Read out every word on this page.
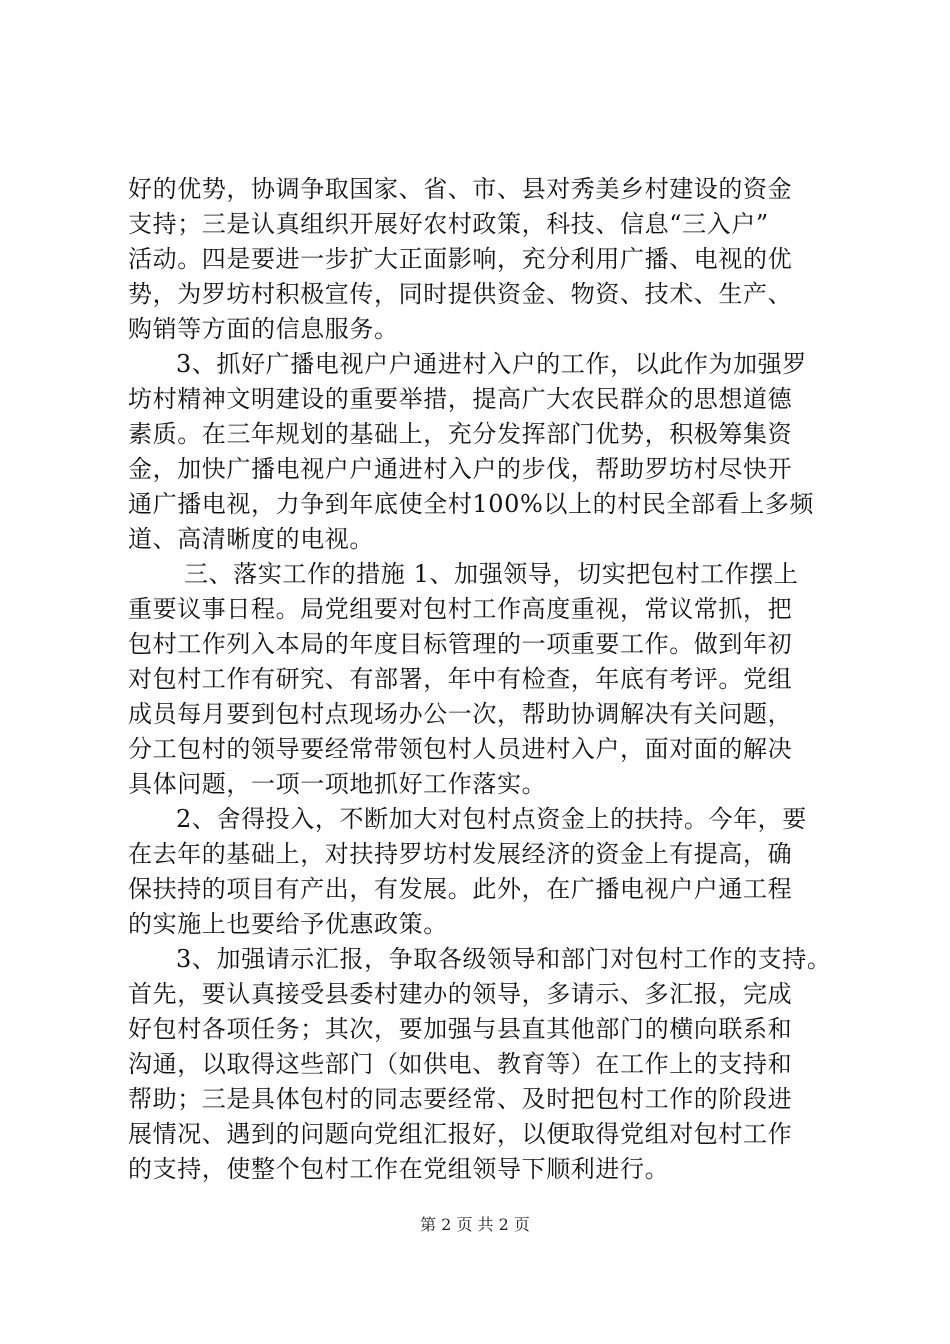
好的优势，协调争取国家、省、市、县对秀美乡村建设的资金
支持；三是认真组织开展好农村政策，科技、信息“三入户”
活动。四是要进一步扩大正面影响，充分利用广播、电视的优
势，为罗坊村积极宣传，同时提供资金、物资、技术、生产、
购销等方面的信息服务。
3、抓好广播电视户户通进村入户的工作，以此作为加强罗
坊村精神文明建设的重要举措，提高广大农民群众的思想道德
素质。在三年规划的基础上，充分发挥部门优势，积极筹集资
金，加快广播电视户户通进村入户的步伐，帮助罗坊村尽快开
通广播电视，力争到年底使全村100%以上的村民全部看上多频
道、高清晰度的电视。
三、落实工作的措施 1、加强领导，切实把包村工作摆上
重要议事日程。局党组要对包村工作高度重视，常议常抓，把
包村工作列入本局的年度目标管理的一项重要工作。做到年初
对包村工作有研究、有部署，年中有检查，年底有考评。党组
成员每月要到包村点现场办公一次，帮助协调解决有关问题，
分工包村的领导要经常带领包村人员进村入户，面对面的解决
具体问题，一项一项地抓好工作落实。
2、舍得投入，不断加大对包村点资金上的扶持。今年，要
在去年的基础上，对扶持罗坊村发展经济的资金上有提高，确
保扶持的项目有产出，有发展。此外，在广播电视户户通工程
的实施上也要给予优惠政策。
3、加强请示汇报，争取各级领导和部门对包村工作的支持。
首先，要认真接受县委村建办的领导，多请示、多汇报，完成
好包村各项任务；其次，要加强与县直其他部门的横向联系和
沟通，以取得这些部门（如供电、教育等）在工作上的支持和
帮助；三是具体包村的同志要经常、及时把包村工作的阶段进
展情况、遇到的问题向党组汇报好，以便取得党组对包村工作
的支持，使整个包村工作在党组领导下顺利进行。
第 2 页 共 2 页
